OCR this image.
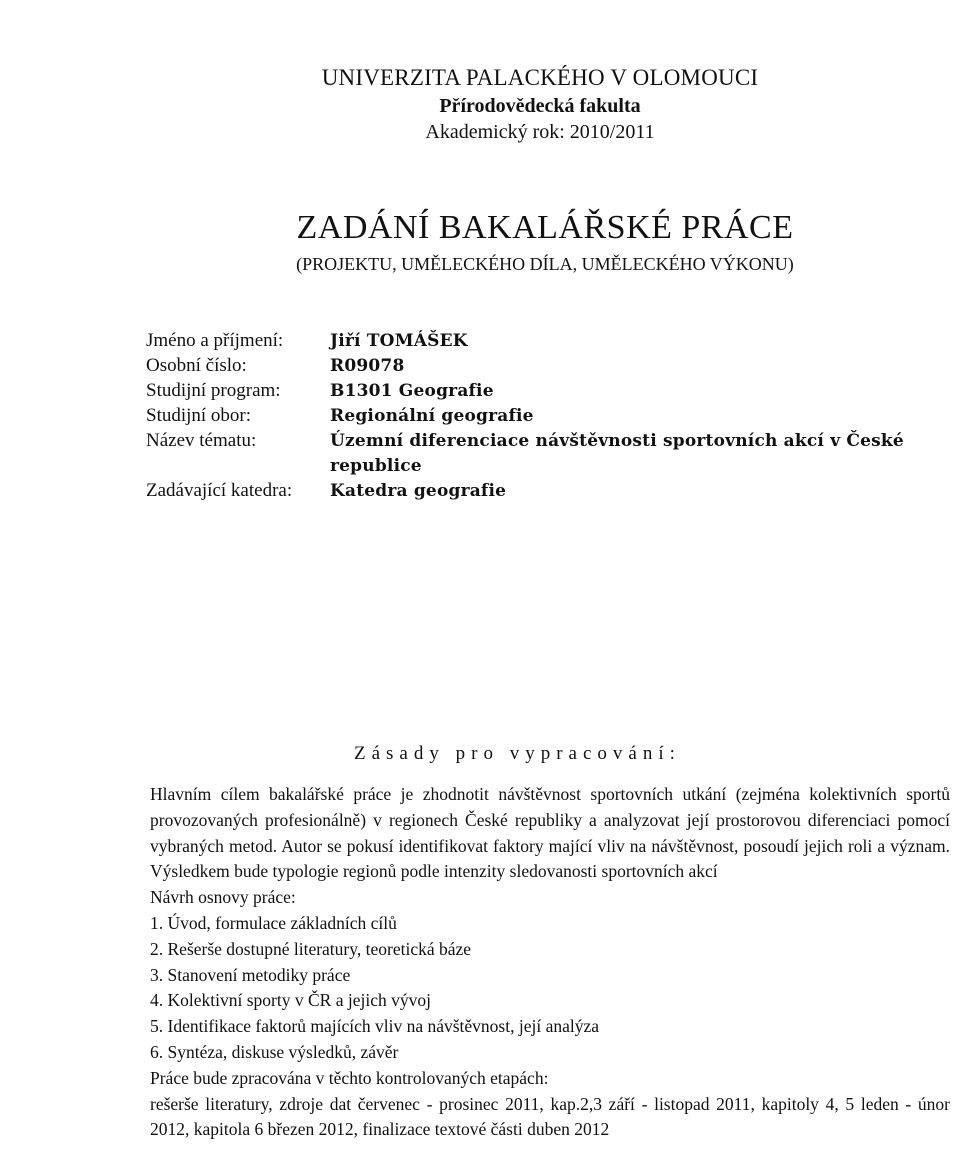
UNIVERZITA PALACKÉHO V OLOMOUCI
Přírodovědecká fakulta
Akademický rok: 2010/2011
ZADÁNÍ BAKALÁŘSKÉ PRÁCE
(PROJEKTU, UMĚLECKÉHO DÍLA, UMĚLECKÉHO VÝKONU)
Jméno a příjmení:	Jiří TOMÁŠEK
Osobní číslo:	R09078
Studijní program:	B1301 Geografie
Studijní obor:	Regionální geografie
Název tématu:	Územní diferenciace návštěvnosti sportovních akcí v České republice
Zadávající katedra:	Katedra geografie
Zásady pro vypracování:

Hlavním cílem bakalářské práce je zhodnotit návštěvnost sportovních utkání (zejména kolektivních sportů provozovaných profesionálně) v regionech České republiky a analyzovat její prostorovou diferenciaci pomocí vybraných metod. Autor se pokusí identifikovat faktory mající vliv na návštěvnost, posoudí jejich roli a význam. Výsledkem bude typologie regionů podle intenzity sledovanosti sportovních akcí

Návrh osnovy práce:
1. Úvod, formulace základních cílů
2. Rešerše dostupné literatury, teoretická báze
3. Stanovení metodiky práce
4. Kolektivní sporty v ČR a jejich vývoj
5. Identifikace faktorů majících vliv na návštěvnost, její analýza
6. Syntéza, diskuse výsledků, závěr
Práce bude zpracována v těchto kontrolovaných etapách:

rešerše literatury, zdroje dat červenec - prosinec 2011, kap.2,3 září - listopad 2011, kapitoly 4, 5 leden - únor 2012, kapitola 6 březen 2012, finalizace textové části duben 2012
